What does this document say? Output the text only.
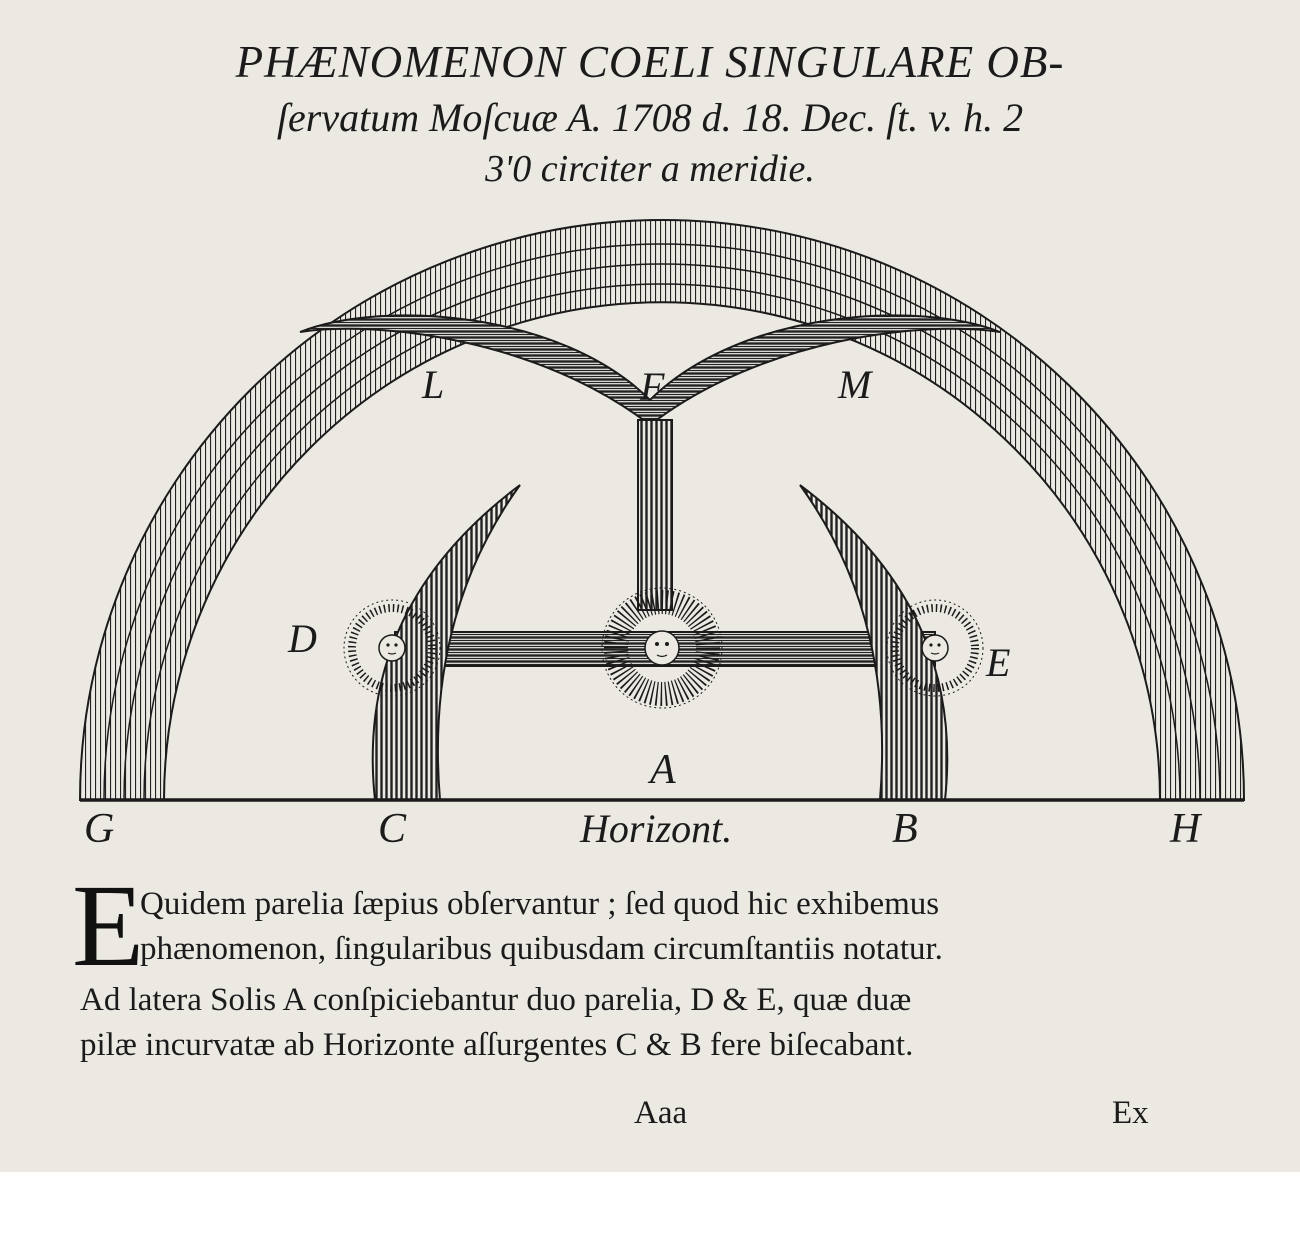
PHÆNOMENON COELI SINGULARE OB-
ſervatum Moſcuæ A. 1708 d. 18. Dec. ſt. v. h. 2
3'0 circiter a meridie.
L	F	M
D
E
A
G	C	B	H
Horizont.
E
Quidem parelia ſæpius obſervantur ; ſed quod hic exhibemus
phænomenon, ſingularibus quibusdam circumſtantiis notatur.
Ad latera Solis A conſpiciebantur duo parelia, D & E, quæ duæ
pilæ incurvatæ ab Horizonte aſſurgentes C & B fere biſecabant.
Aaa	Ex
